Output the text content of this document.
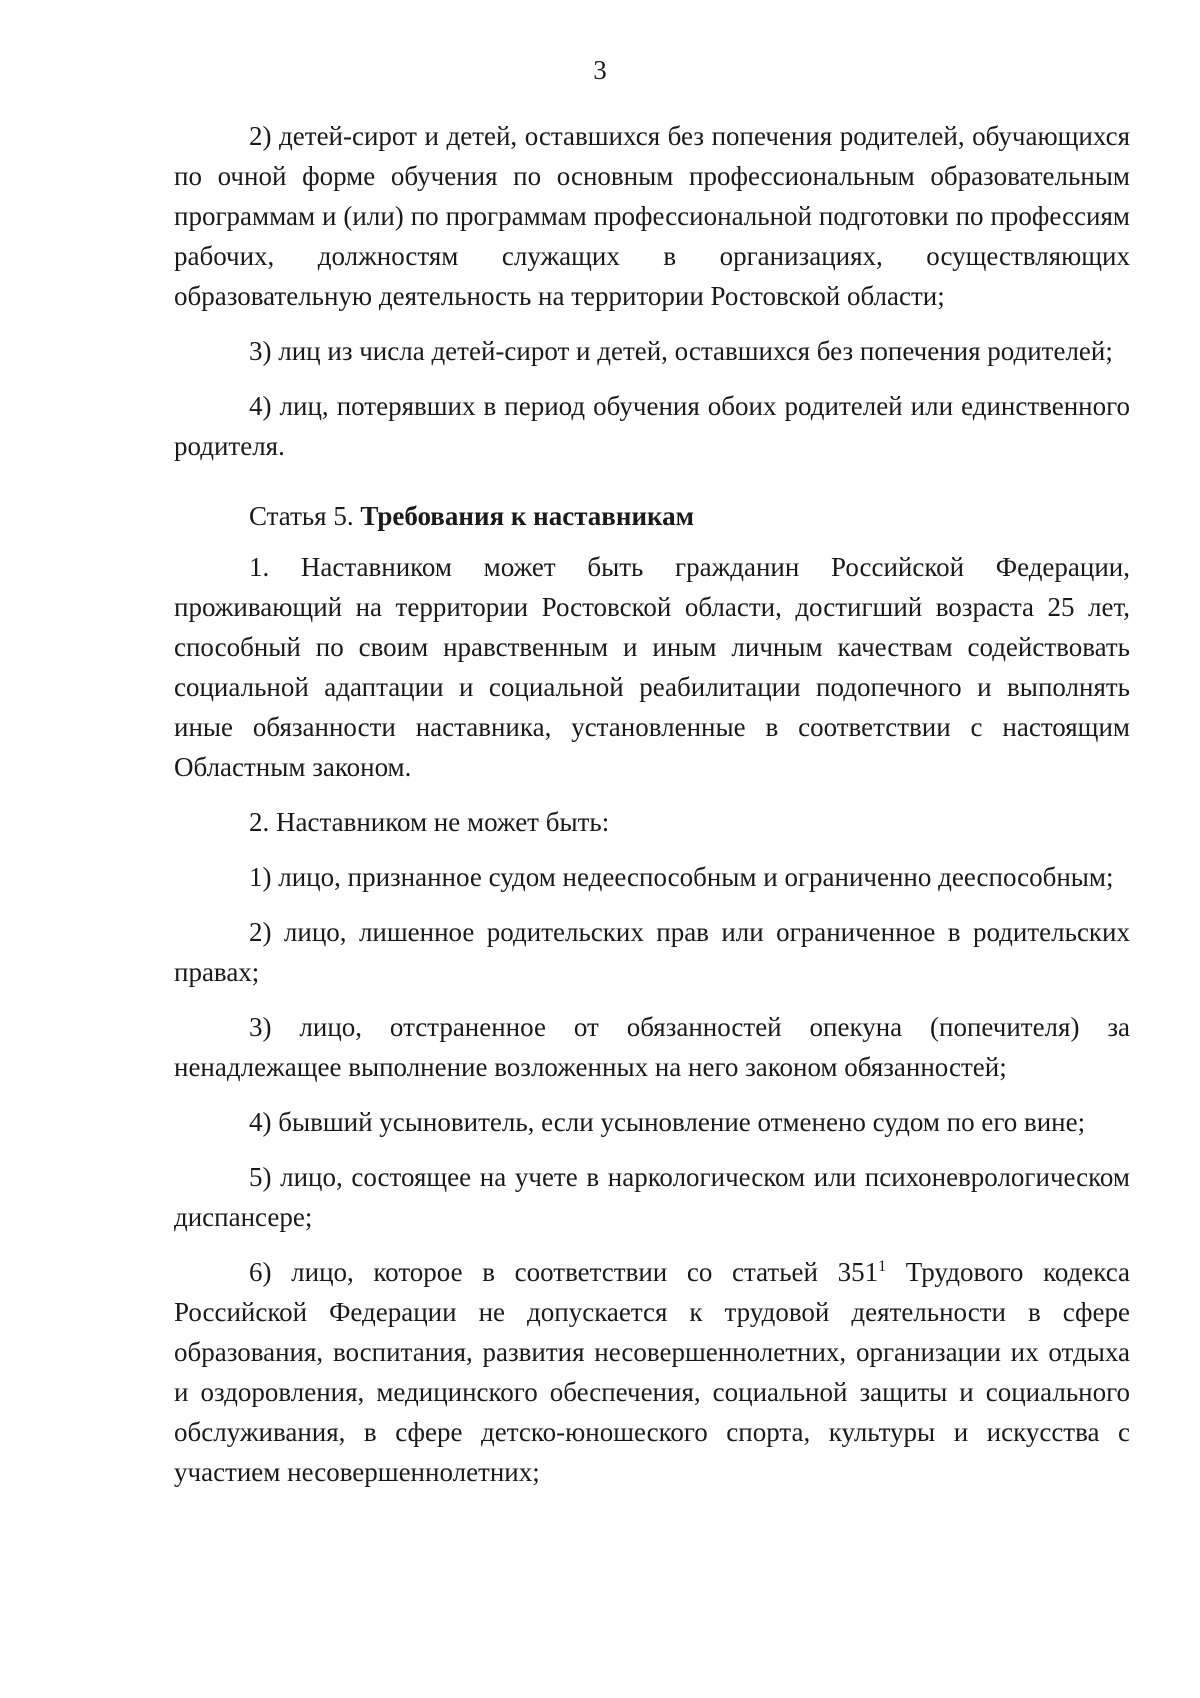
3

2) детей-сирот и детей, оставшихся без попечения родителей, обучающихся по очной форме обучения по основным профессиональным образовательным программам и (или) по программам профессиональной подготовки по профессиям рабочих, должностям служащих в организациях, осуществляющих образовательную деятельность на территории Ростовской области;

3) лиц из числа детей-сирот и детей, оставшихся без попечения родителей;

4) лиц, потерявших в период обучения обоих родителей или единственного родителя.

Статья 5. Требования к наставникам

1. Наставником может быть гражданин Российской Федерации, проживающий на территории Ростовской области, достигший возраста 25 лет, способный по своим нравственным и иным личным качествам содействовать социальной адаптации и социальной реабилитации подопечного и выполнять иные обязанности наставника, установленные в соответствии с настоящим Областным законом.

2. Наставником не может быть:

1) лицо, признанное судом недееспособным и ограниченно дееспособным;

2) лицо, лишенное родительских прав или ограниченное в родительских правах;

3) лицо, отстраненное от обязанностей опекуна (попечителя) за ненадлежащее выполнение возложенных на него законом обязанностей;

4) бывший усыновитель, если усыновление отменено судом по его вине;

5) лицо, состоящее на учете в наркологическом или психоневрологическом диспансере;

6) лицо, которое в соответствии со статьей $351^1$ Трудового кодекса Российской Федерации не допускается к трудовой деятельности в сфере образования, воспитания, развития несовершеннолетних, организации их отдыха и оздоровления, медицинского обеспечения, социальной защиты и социального обслуживания, в сфере детско-юношеского спорта, культуры и искусства с участием несовершеннолетних;
